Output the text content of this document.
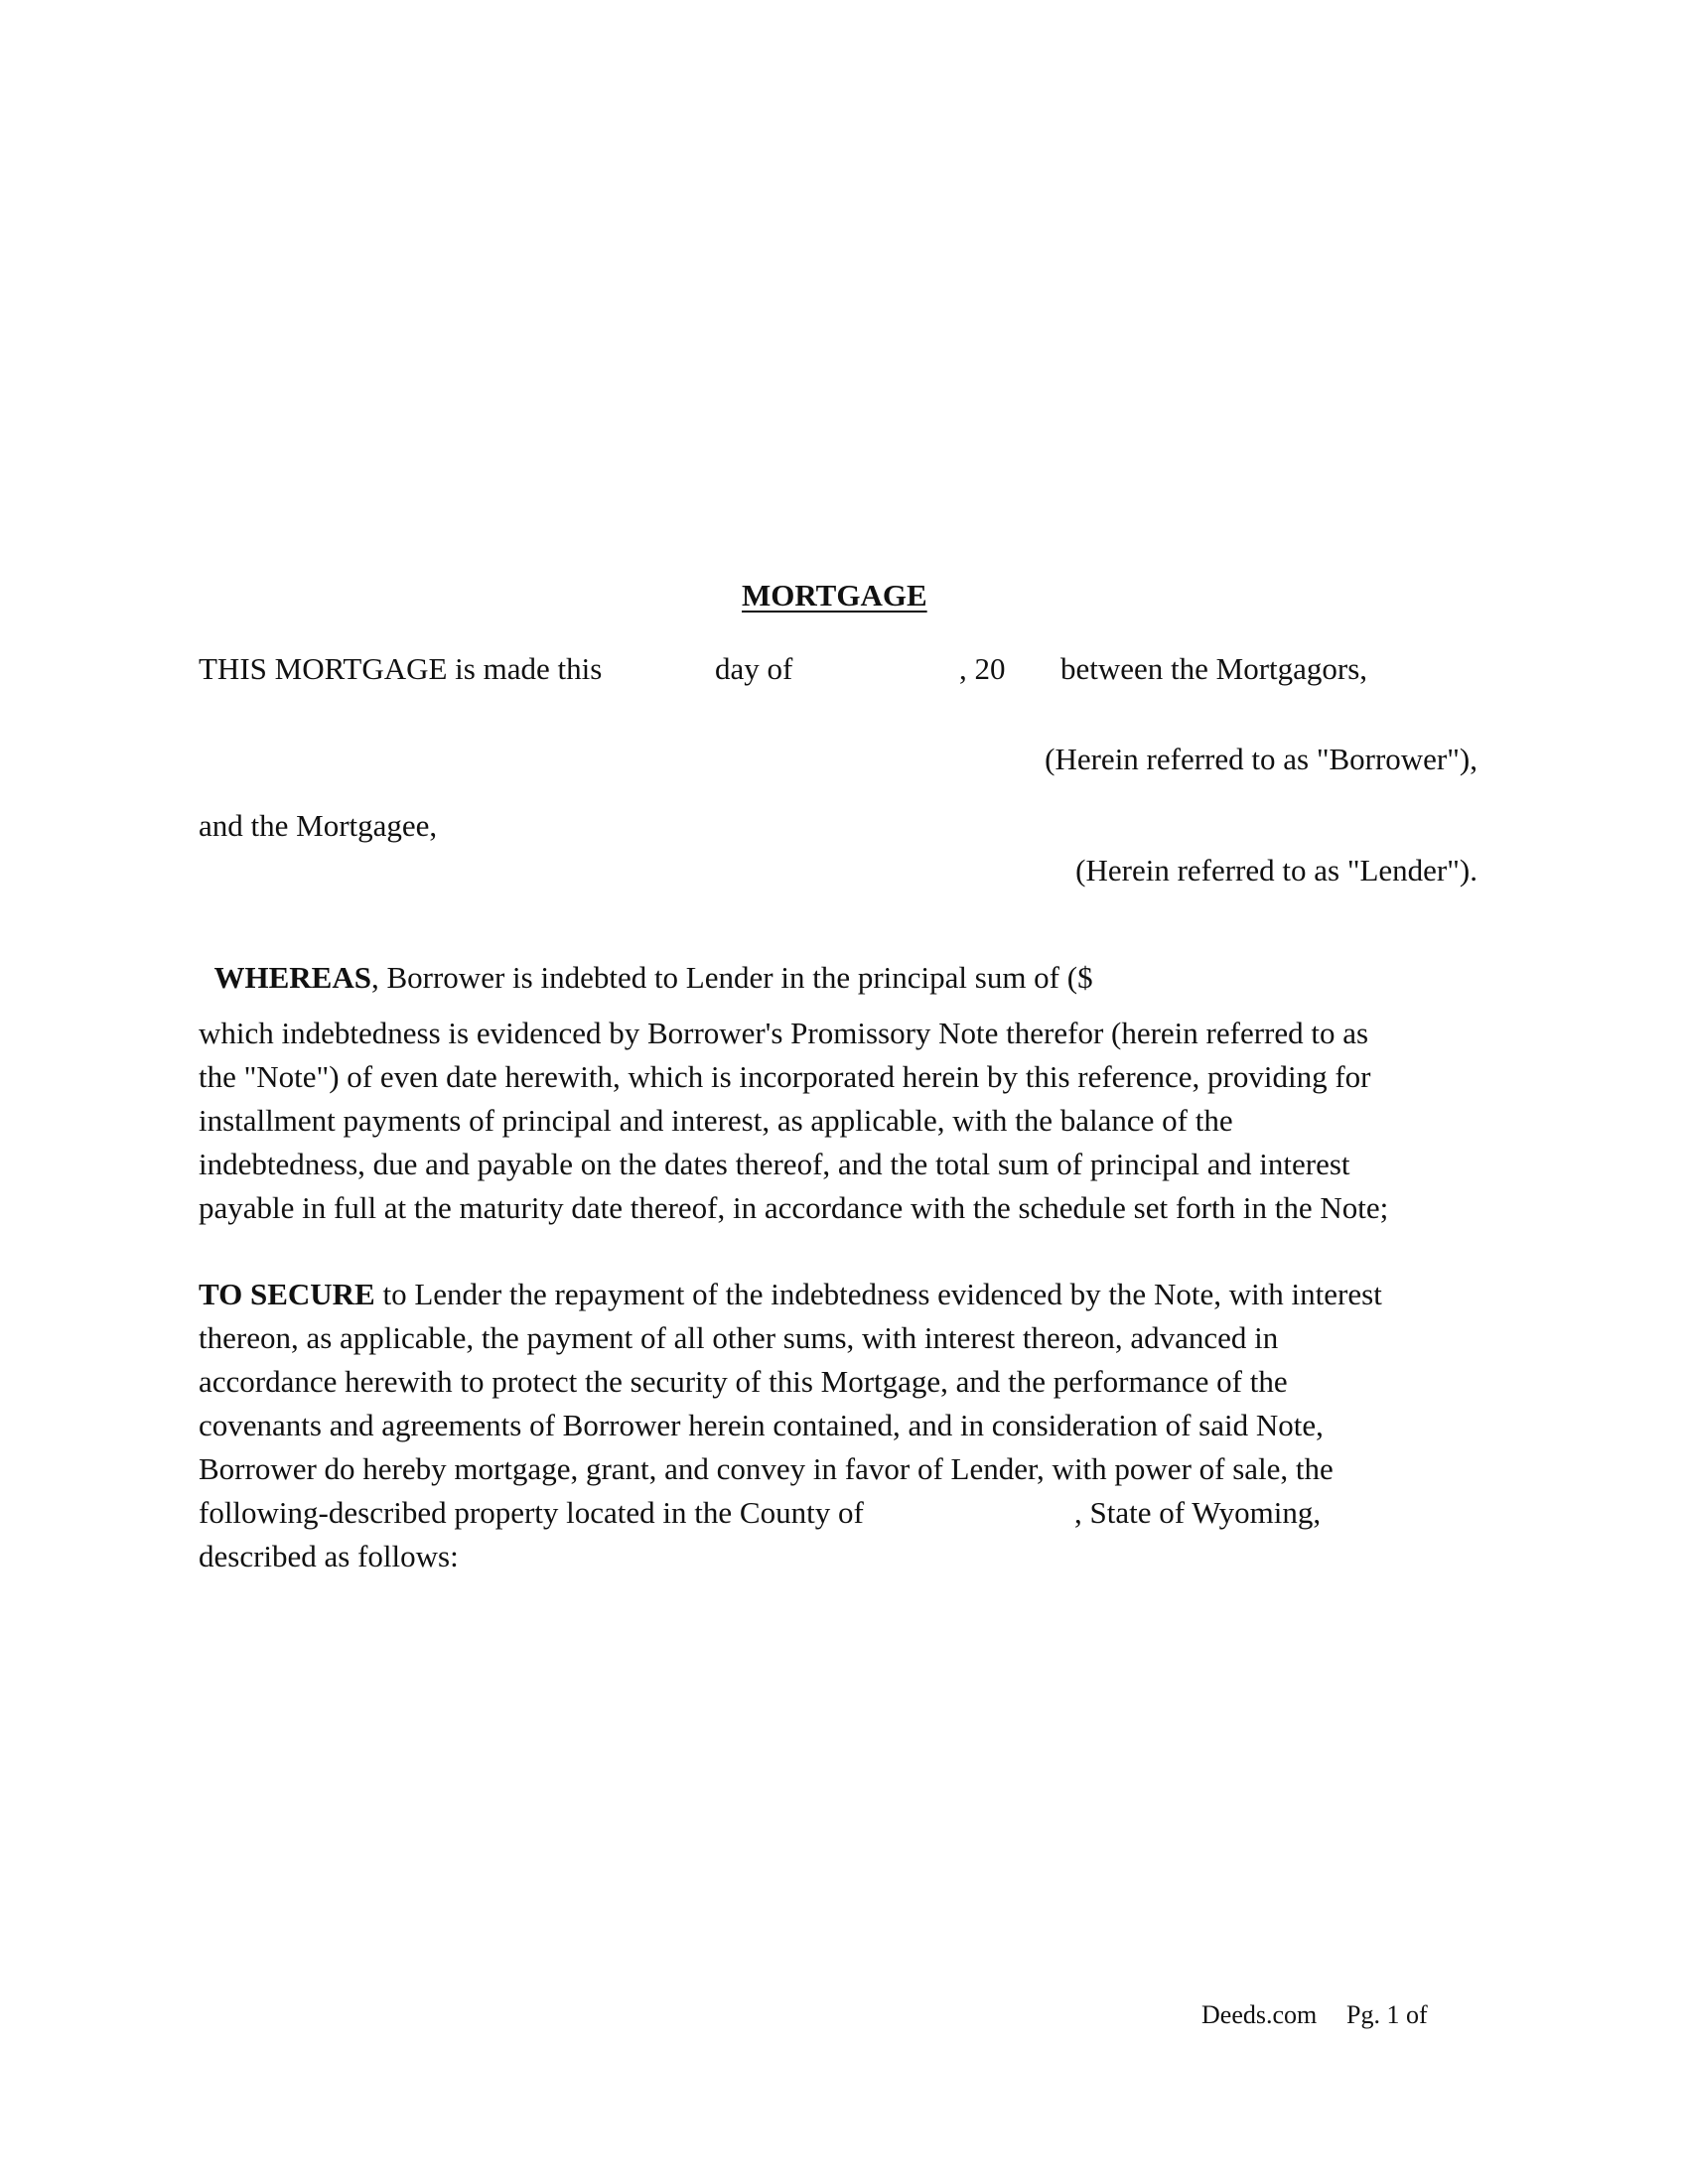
MORTGAGE
THIS MORTGAGE is made this	day of	, 20 between the Mortgagors,
(Herein referred to as "Borrower"),
and the Mortgagee,
(Herein referred to as "Lender").

WHEREAS, Borrower is indebted to Lender in the principal sum of ($

which indebtedness is evidenced by Borrower's Promissory Note therefor (herein referred to as

the "Note") of even date herewith, which is incorporated herein by this reference, providing for

installment payments of principal and interest, as applicable, with the balance of the

indebtedness, due and payable on the dates thereof, and the total sum of principal and interest

payable in full at the maturity date thereof, in accordance with the schedule set forth in the Note;

TO SECURE to Lender the repayment of the indebtedness evidenced by the Note, with interest

thereon, as applicable, the payment of all other sums, with interest thereon, advanced in

accordance herewith to protect the security of this Mortgage, and the performance of the

covenants and agreements of Borrower herein contained, and in consideration of said Note,

Borrower do hereby mortgage, grant, and convey in favor of Lender, with power of sale, the

following-described property located in the County of	, State of Wyoming,

described as follows:

Deeds.com Pg. 1 of
